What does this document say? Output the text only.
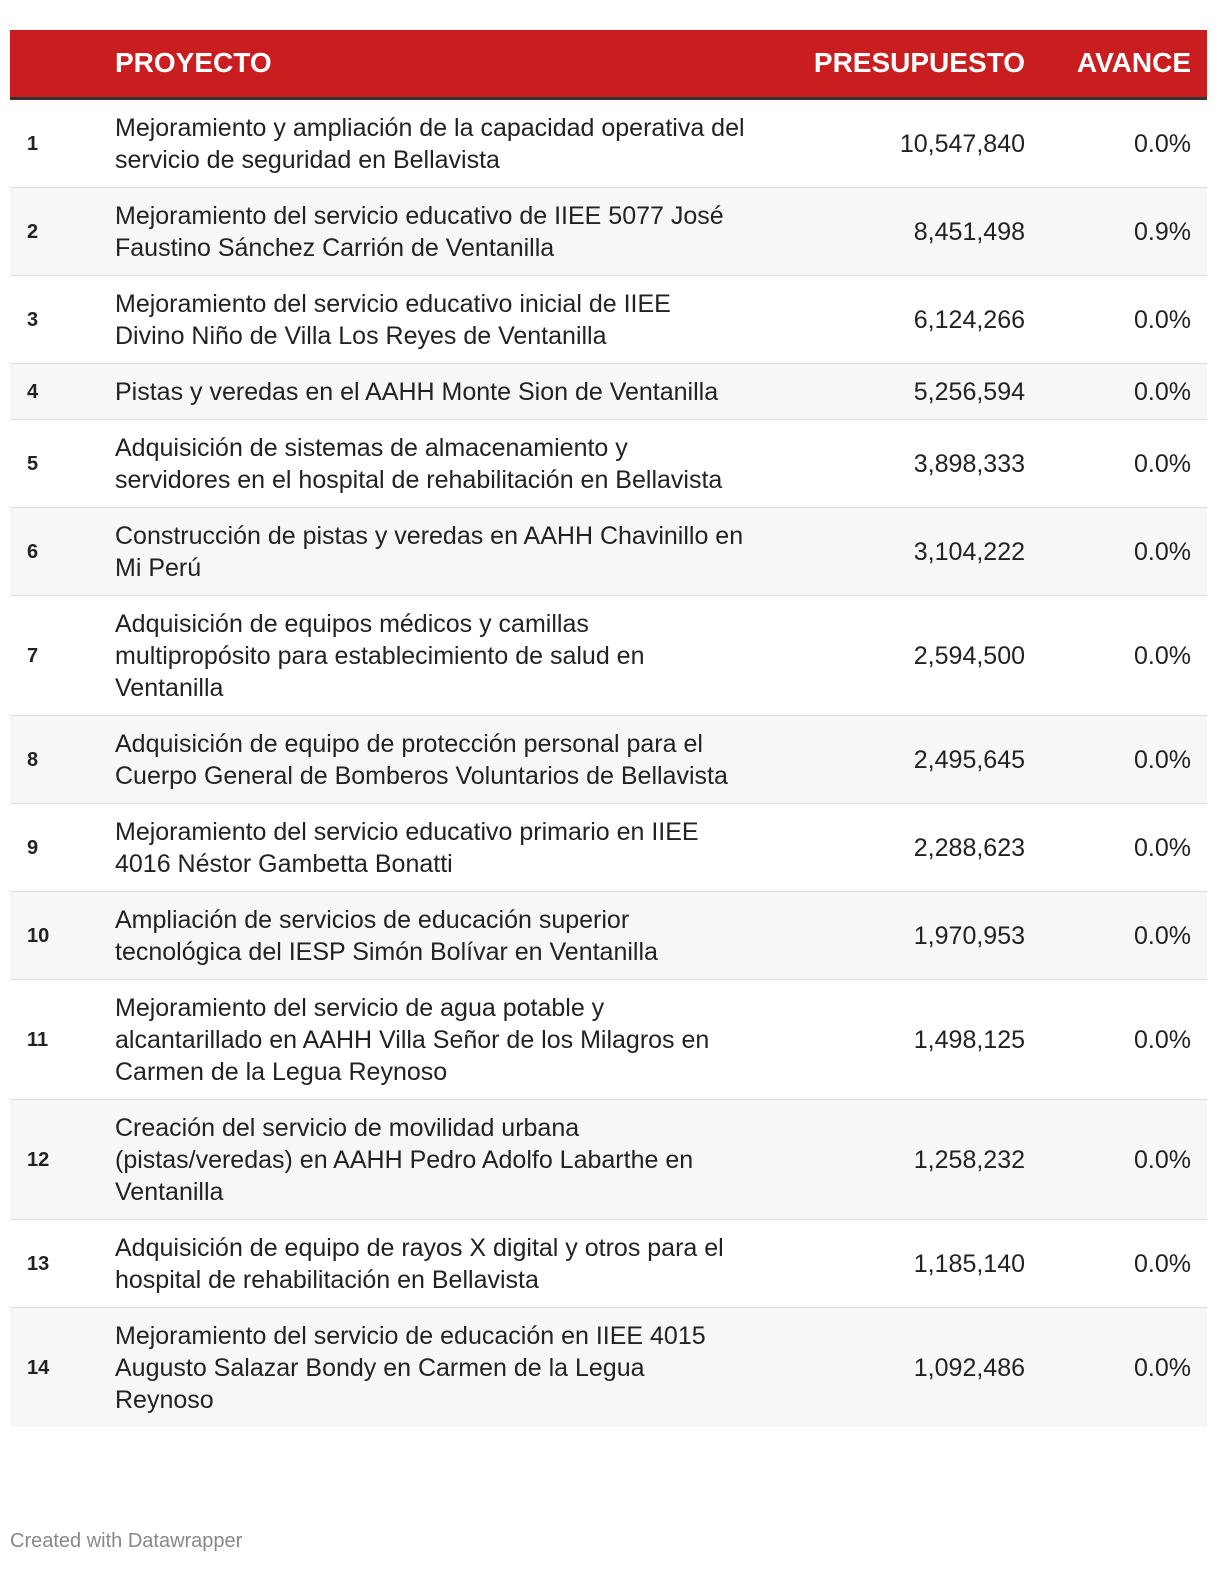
	PROYECTO	PRESUPUESTO	AVANCE
1	Mejoramiento y ampliación de la capacidad operativa del servicio de seguridad en Bellavista	10,547,840	0.0%
2	Mejoramiento del servicio educativo de IIEE 5077 José Faustino Sánchez Carrión de Ventanilla	8,451,498	0.9%
3	Mejoramiento del servicio educativo inicial de IIEE Divino Niño de Villa Los Reyes de Ventanilla	6,124,266	0.0%
4	Pistas y veredas en el AAHH Monte Sion de Ventanilla	5,256,594	0.0%
5	Adquisición de sistemas de almacenamiento y servidores en el hospital de rehabilitación en Bellavista	3,898,333	0.0%
6	Construcción de pistas y veredas en AAHH Chavinillo en Mi Perú	3,104,222	0.0%
7	Adquisición de equipos médicos y camillas multipropósito para establecimiento de salud en Ventanilla	2,594,500	0.0%
8	Adquisición de equipo de protección personal para el Cuerpo General de Bomberos Voluntarios de Bellavista	2,495,645	0.0%
9	Mejoramiento del servicio educativo primario en IIEE 4016 Néstor Gambetta Bonatti	2,288,623	0.0%
10	Ampliación de servicios de educación superior tecnológica del IESP Simón Bolívar en Ventanilla	1,970,953	0.0%
11	Mejoramiento del servicio de agua potable y alcantarillado en AAHH Villa Señor de los Milagros en Carmen de la Legua Reynoso	1,498,125	0.0%
12	Creación del servicio de movilidad urbana (pistas/veredas) en AAHH Pedro Adolfo Labarthe en Ventanilla	1,258,232	0.0%
13	Adquisición de equipo de rayos X digital y otros para el hospital de rehabilitación en Bellavista	1,185,140	0.0%
14	Mejoramiento del servicio de educación en IIEE 4015 Augusto Salazar Bondy en Carmen de la Legua Reynoso	1,092,486	0.0%
Created with Datawrapper
